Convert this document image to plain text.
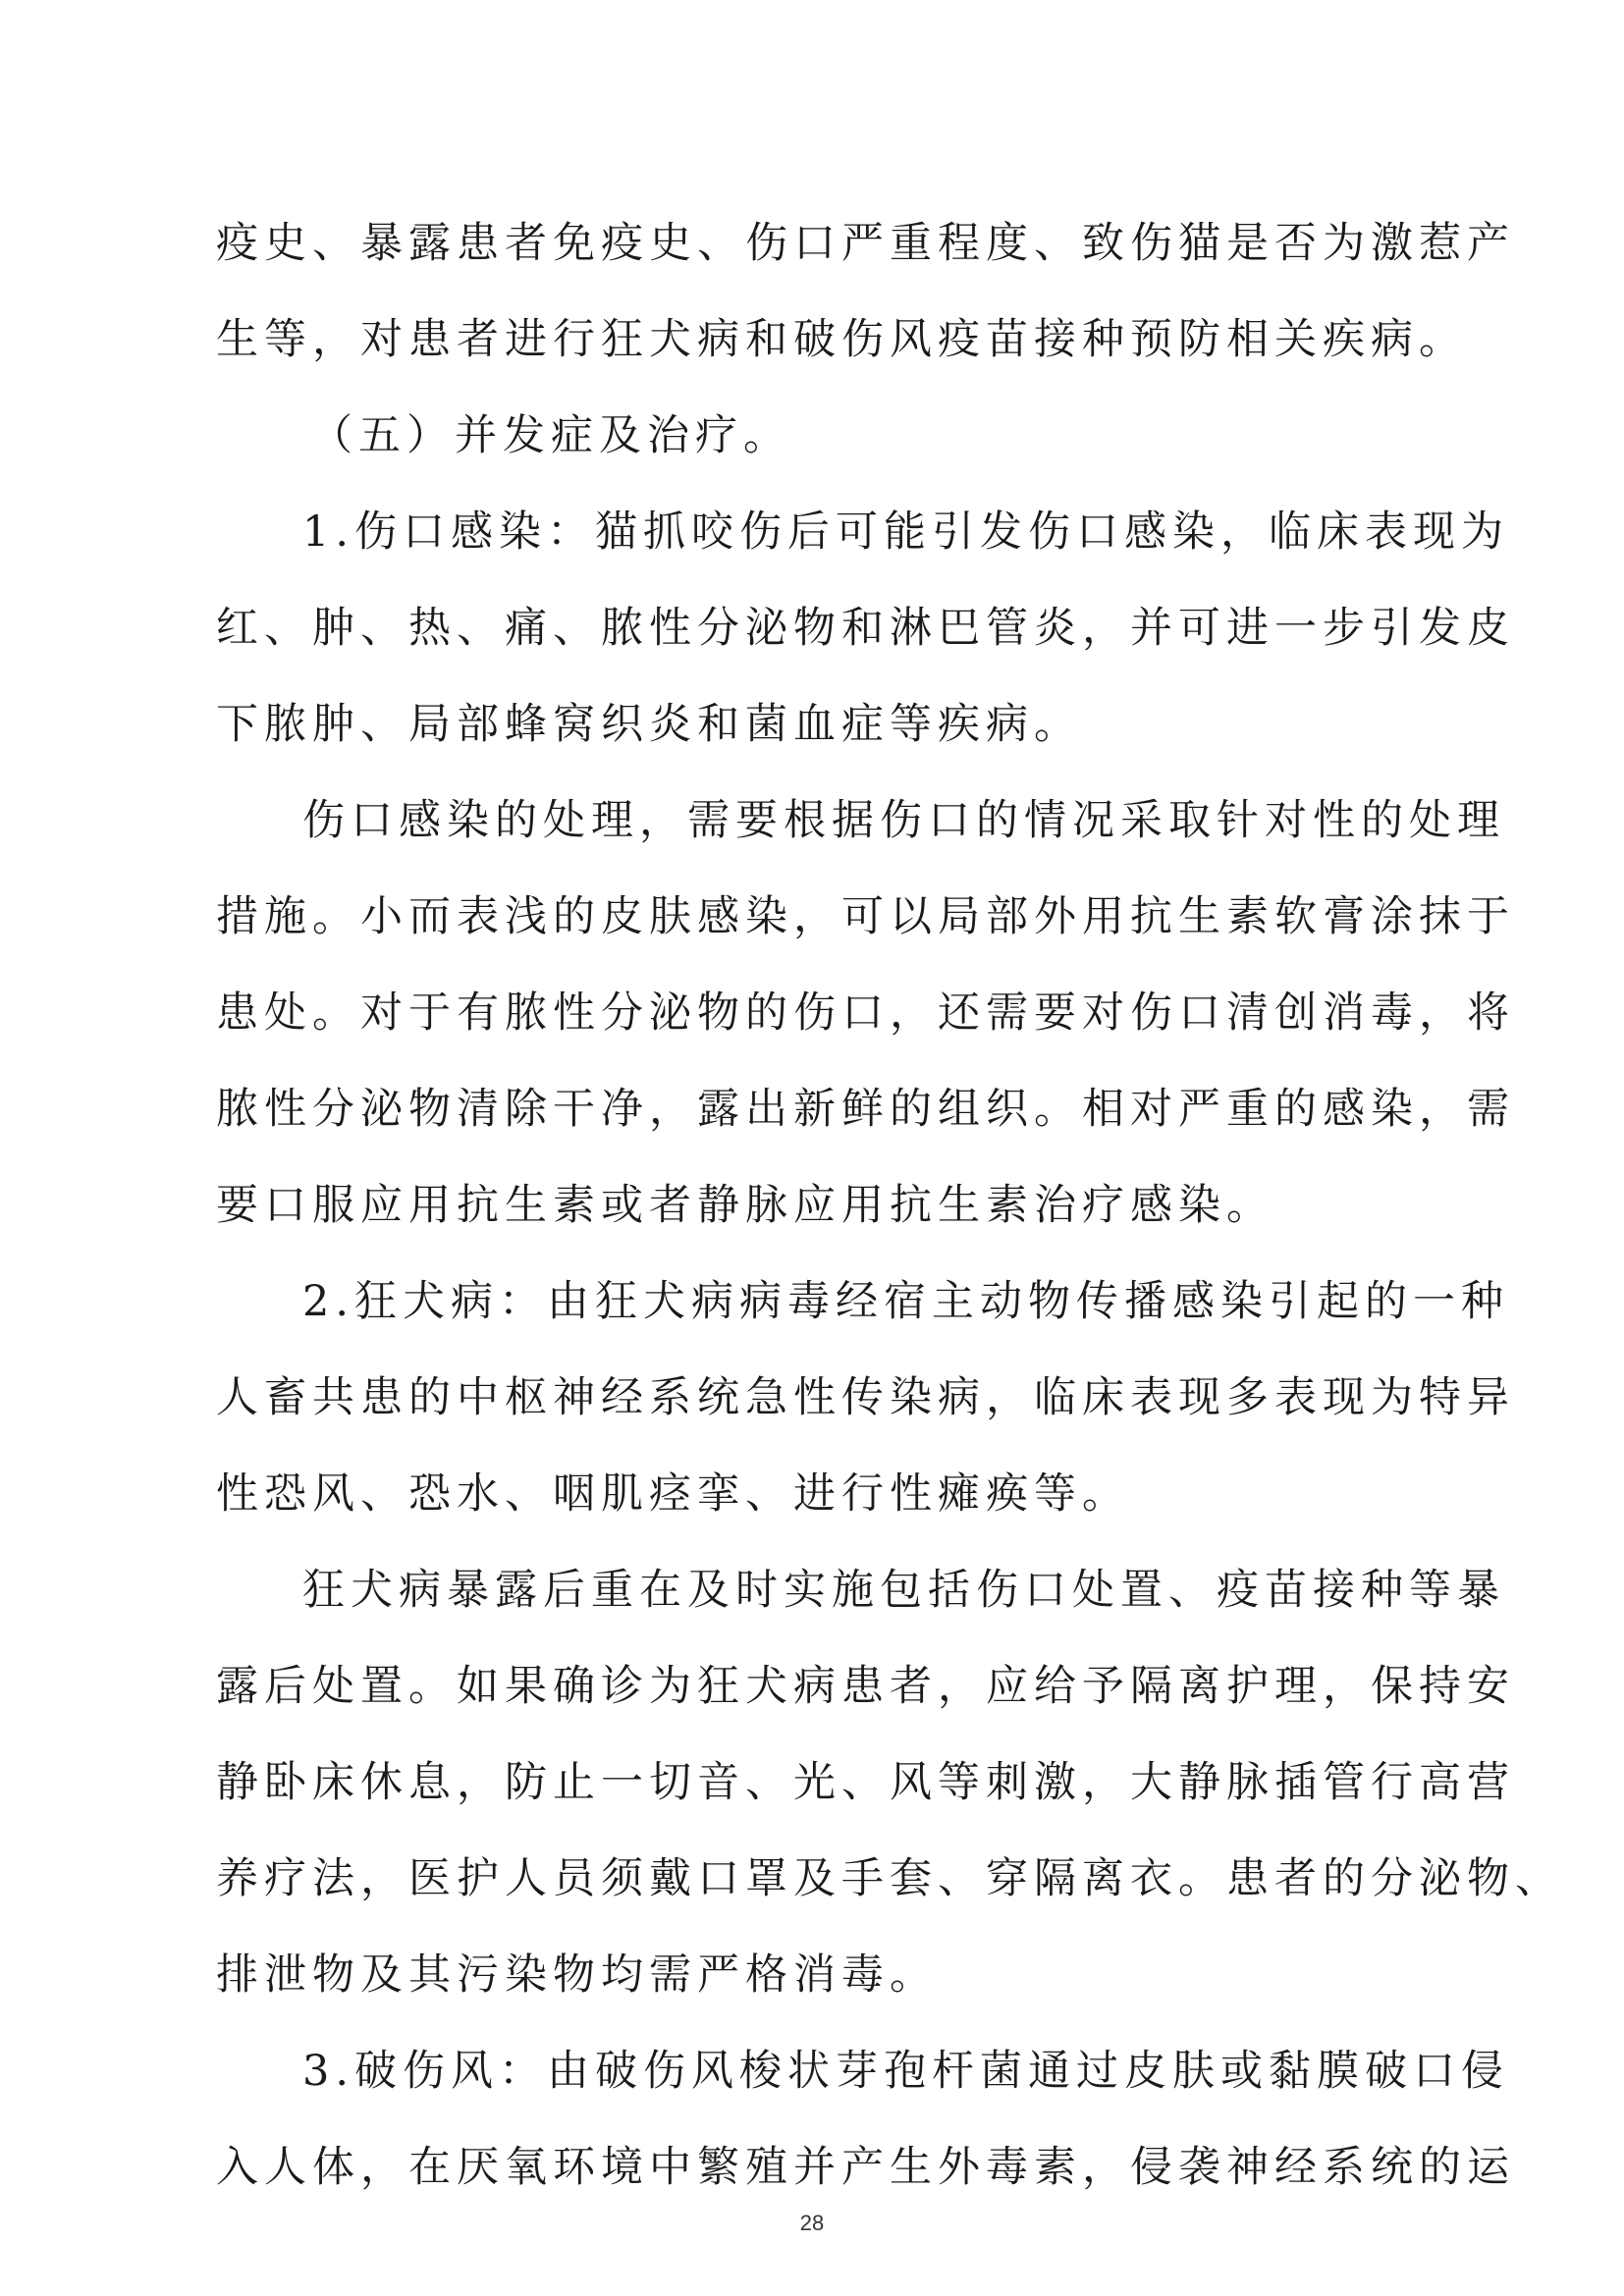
疫史、暴露患者免疫史、伤口严重程度、致伤猫是否为激惹产
生等，对患者进行狂犬病和破伤风疫苗接种预防相关疾病。
（五）并发症及治疗。
1.伤口感染：猫抓咬伤后可能引发伤口感染，临床表现为
红、肿、热、痛、脓性分泌物和淋巴管炎，并可进一步引发皮
下脓肿、局部蜂窝织炎和菌血症等疾病。
伤口感染的处理，需要根据伤口的情况采取针对性的处理
措施。小而表浅的皮肤感染，可以局部外用抗生素软膏涂抹于
患处。对于有脓性分泌物的伤口，还需要对伤口清创消毒，将
脓性分泌物清除干净，露出新鲜的组织。相对严重的感染，需
要口服应用抗生素或者静脉应用抗生素治疗感染。
2.狂犬病：由狂犬病病毒经宿主动物传播感染引起的一种
人畜共患的中枢神经系统急性传染病，临床表现多表现为特异
性恐风、恐水、咽肌痉挛、进行性瘫痪等。
狂犬病暴露后重在及时实施包括伤口处置、疫苗接种等暴
露后处置。如果确诊为狂犬病患者，应给予隔离护理，保持安
静卧床休息，防止一切音、光、风等刺激，大静脉插管行高营
养疗法，医护人员须戴口罩及手套、穿隔离衣。患者的分泌物、
排泄物及其污染物均需严格消毒。
3.破伤风：由破伤风梭状芽孢杆菌通过皮肤或黏膜破口侵
入人体，在厌氧环境中繁殖并产生外毒素，侵袭神经系统的运
28
